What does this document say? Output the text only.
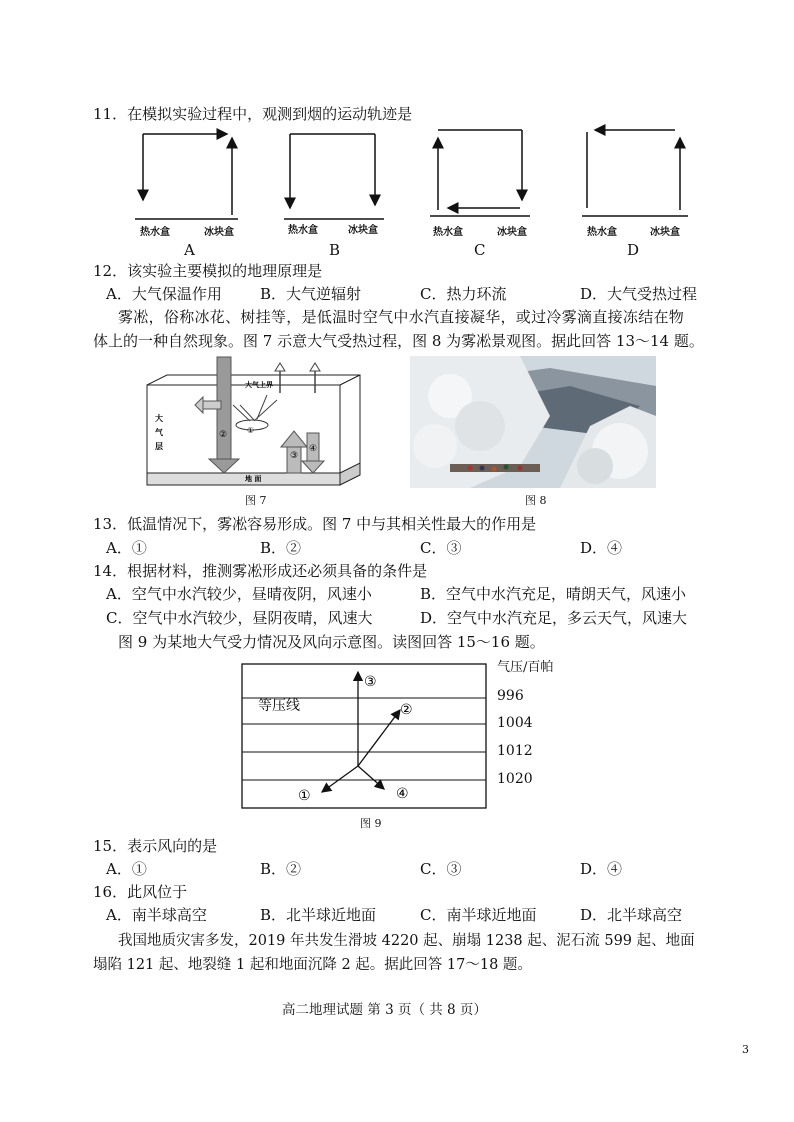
11．在模拟实验过程中，观测到烟的运动轨迹是
热水盒	冰块盒	热水盒	冰块盒	热水盒	冰块盒	热水盒	冰块盒
A	B	C	D
12．该实验主要模拟的地理原理是
A．大气保温作用	B．大气逆辐射	C．热力环流	D．大气受热过程
雾凇，俗称冰花、树挂等，是低温时空气中水汽直接凝华，或过冷雾滴直接冻结在物
体上的一种自然现象。图 7 示意大气受热过程，图 8 为雾凇景观图。据此回答 13～14 题。
大气上界
大
气
层
地 面
①
②
③
④
图 7	图 8
13．低温情况下，雾凇容易形成。图 7 中与其相关性最大的作用是
A．①	B．②	C．③	D．④
14．根据材料，推测雾凇形成还必须具备的条件是
A．空气中水汽较少，昼晴夜阴，风速小	B．空气中水汽充足，晴朗天气，风速小
C．空气中水汽较少，昼阴夜晴，风速大	D．空气中水汽充足，多云天气，风速大
图 9 为某地大气受力情况及风向示意图。读图回答 15～16 题。
等压线
③
②
①	④
气压/百帕
996
1004
1012
1020
图 9
15．表示风向的是
A．①	B．②	C．③	D．④
16．此风位于
A．南半球高空	B．北半球近地面	C．南半球近地面	D．北半球高空
我国地质灾害多发，2019 年共发生滑坡 4220 起、崩塌 1238 起、泥石流 599 起、地面
塌陷 121 起、地裂缝 1 起和地面沉降 2 起。据此回答 17～18 题。
高二地理试题 第 3 页（ 共 8 页）
3
